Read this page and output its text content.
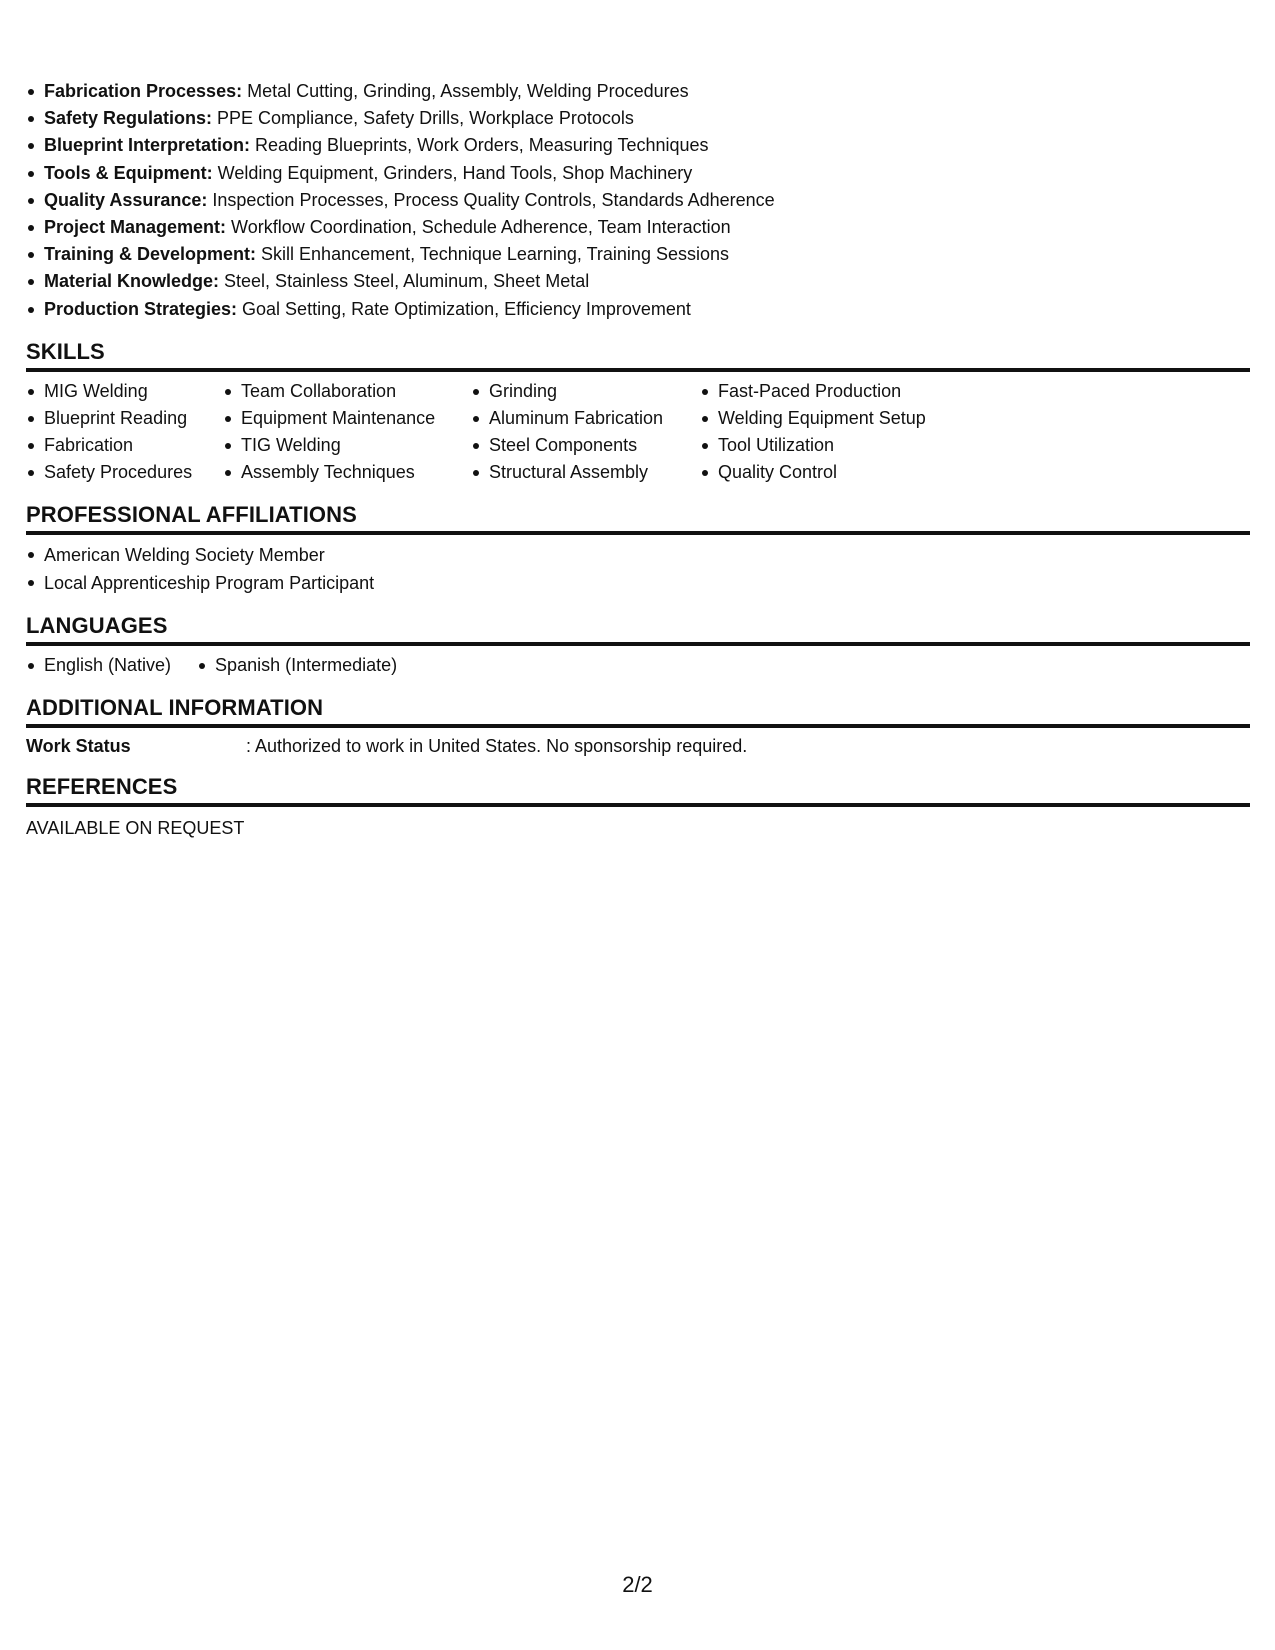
Fabrication Processes: Metal Cutting, Grinding, Assembly, Welding Procedures
Safety Regulations: PPE Compliance, Safety Drills, Workplace Protocols
Blueprint Interpretation: Reading Blueprints, Work Orders, Measuring Techniques
Tools & Equipment: Welding Equipment, Grinders, Hand Tools, Shop Machinery
Quality Assurance: Inspection Processes, Process Quality Controls, Standards Adherence
Project Management: Workflow Coordination, Schedule Adherence, Team Interaction
Training & Development: Skill Enhancement, Technique Learning, Training Sessions
Material Knowledge: Steel, Stainless Steel, Aluminum, Sheet Metal
Production Strategies: Goal Setting, Rate Optimization, Efficiency Improvement
SKILLS
MIG Welding
Blueprint Reading
Fabrication
Safety Procedures
Team Collaboration
Equipment Maintenance
TIG Welding
Assembly Techniques
Grinding
Aluminum Fabrication
Steel Components
Structural Assembly
Fast-Paced Production
Welding Equipment Setup
Tool Utilization
Quality Control
PROFESSIONAL AFFILIATIONS
American Welding Society Member
Local Apprenticeship Program Participant
LANGUAGES
English (Native)	Spanish (Intermediate)
ADDITIONAL INFORMATION
Work Status	: Authorized to work in United States. No sponsorship required.
REFERENCES
AVAILABLE ON REQUEST
2/2
